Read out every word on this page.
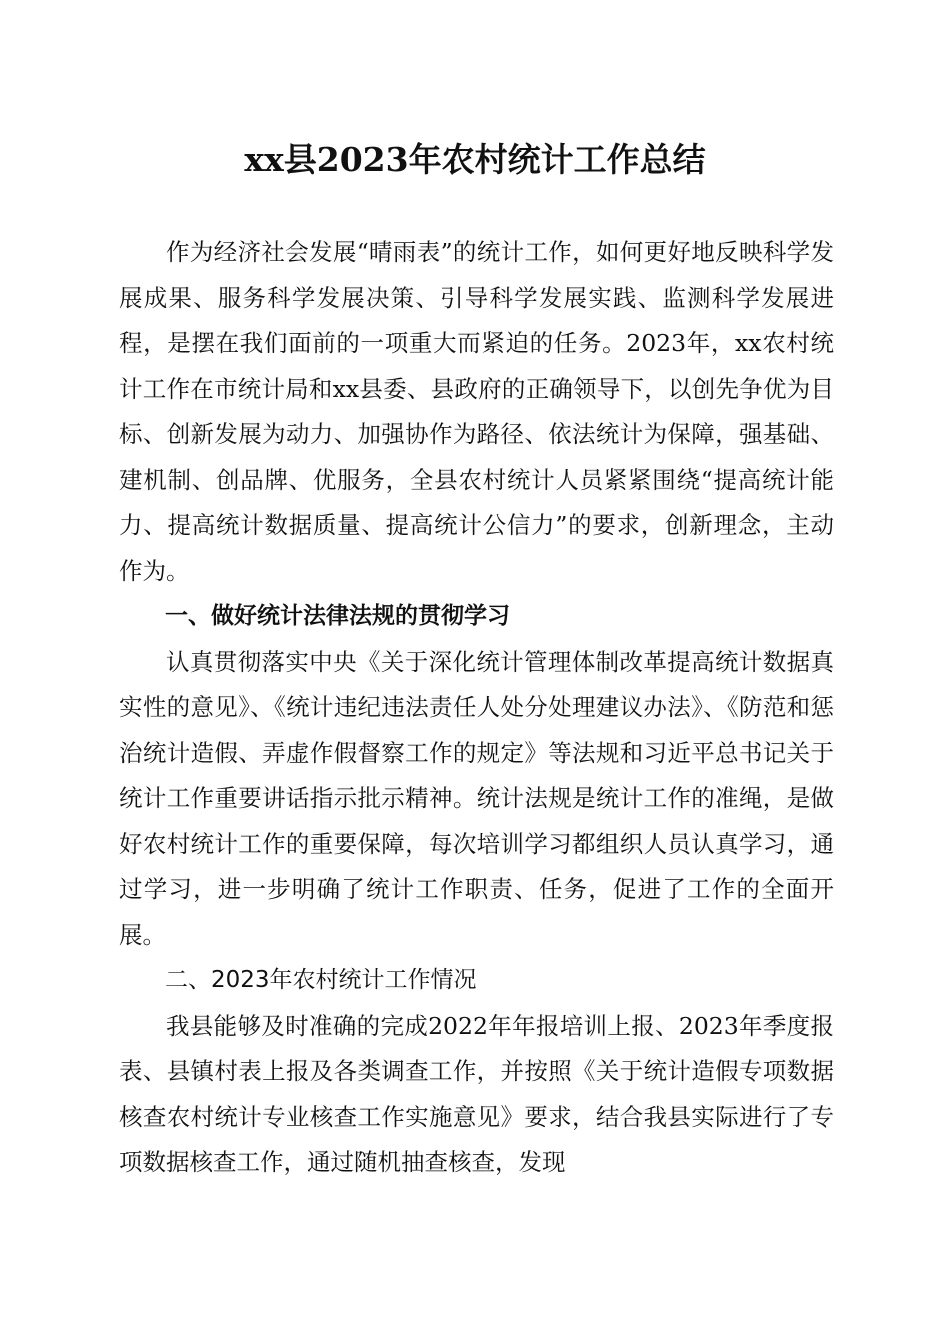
xx县2023年农村统计工作总结

作为经济社会发展“晴雨表”的统计工作，如何更好地反映科学发展成果、服务科学发展决策、引导科学发展实践、监测科学发展进程，是摆在我们面前的一项重大而紧迫的任务。2023年，xx农村统计工作在市统计局和xx县委、县政府的正确领导下，以创先争优为目标、创新发展为动力、加强协作为路径、依法统计为保障，强基础、建机制、创品牌、优服务，全县农村统计人员紧紧围绕“提高统计能力、提高统计数据质量、提高统计公信力”的要求，创新理念，主动作为。

一、做好统计法律法规的贯彻学习

认真贯彻落实中央《关于深化统计管理体制改革提高统计数据真实性的意见》、《统计违纪违法责任人处分处理建议办法》、《防范和惩治统计造假、弄虚作假督察工作的规定》等法规和习近平总书记关于统计工作重要讲话指示批示精神。统计法规是统计工作的准绳，是做好农村统计工作的重要保障，每次培训学习都组织人员认真学习，通过学习，进一步明确了统计工作职责、任务，促进了工作的全面开展。

二、2023年农村统计工作情况

我县能够及时准确的完成2022年年报培训上报、2023年季度报表、县镇村表上报及各类调查工作，并按照《关于统计造假专项数据核查农村统计专业核查工作实施意见》要求，结合我县实际进行了专项数据核查工作，通过随机抽查核查，发现
